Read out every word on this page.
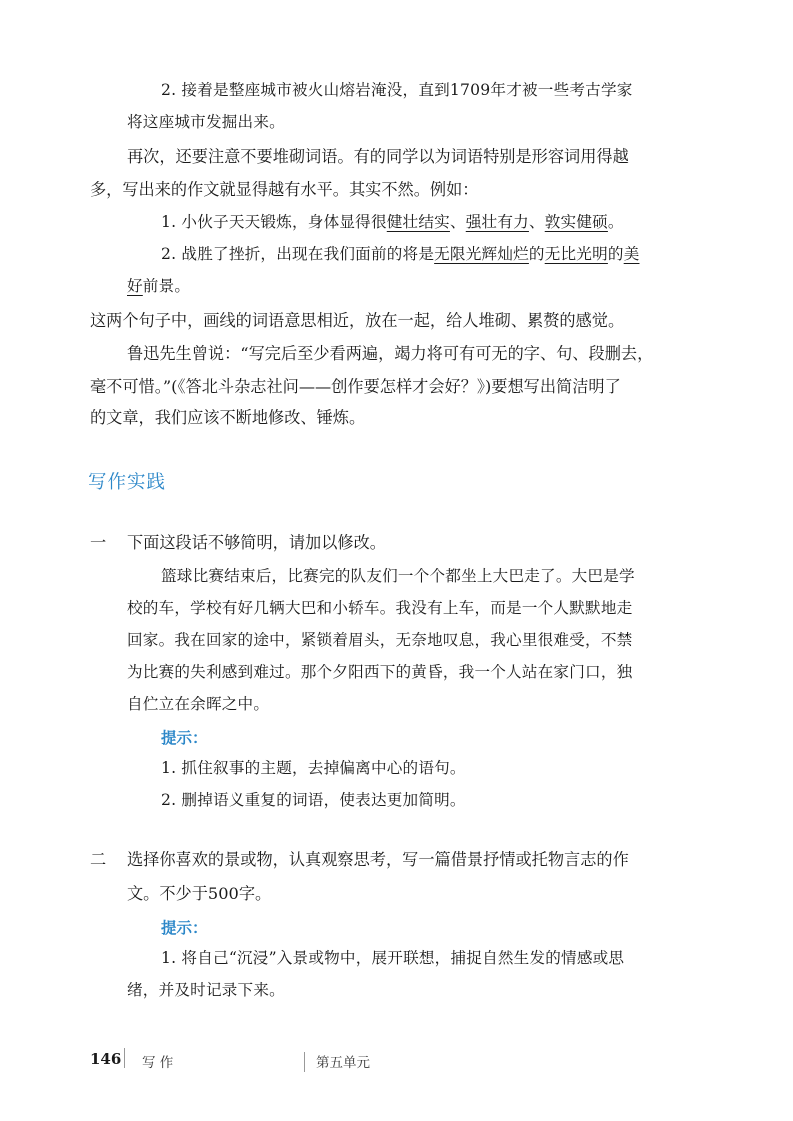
2. 接着是整座城市被火山熔岩淹没，直到1709年才被一些考古学家
将这座城市发掘出来。
再次，还要注意不要堆砌词语。有的同学以为词语特别是形容词用得越
多，写出来的作文就显得越有水平。其实不然。例如：
1. 小伙子天天锻炼，身体显得很健壮结实、强壮有力、敦实健硕。
2. 战胜了挫折，出现在我们面前的将是无限光辉灿烂的无比光明的美
好前景。
这两个句子中，画线的词语意思相近，放在一起，给人堆砌、累赘的感觉。
鲁迅先生曾说：“写完后至少看两遍，竭力将可有可无的字、句、段删去，
毫不可惜。”(《答北斗杂志社问——创作要怎样才会好？》)要想写出简洁明了
的文章，我们应该不断地修改、锤炼。
写作实践
一 下面这段话不够简明，请加以修改。
篮球比赛结束后，比赛完的队友们一个个都坐上大巴走了。大巴是学
校的车，学校有好几辆大巴和小轿车。我没有上车，而是一个人默默地走
回家。我在回家的途中，紧锁着眉头，无奈地叹息，我心里很难受，不禁
为比赛的失利感到难过。那个夕阳西下的黄昏，我一个人站在家门口，独
自伫立在余晖之中。
提示：
1. 抓住叙事的主题，去掉偏离中心的语句。
2. 删掉语义重复的词语，使表达更加简明。
二 选择你喜欢的景或物，认真观察思考，写一篇借景抒情或托物言志的作
文。不少于500字。
提示：
1. 将自己“沉浸”入景或物中，展开联想，捕捉自然生发的情感或思
绪，并及时记录下来。
146 写 作	第五单元
